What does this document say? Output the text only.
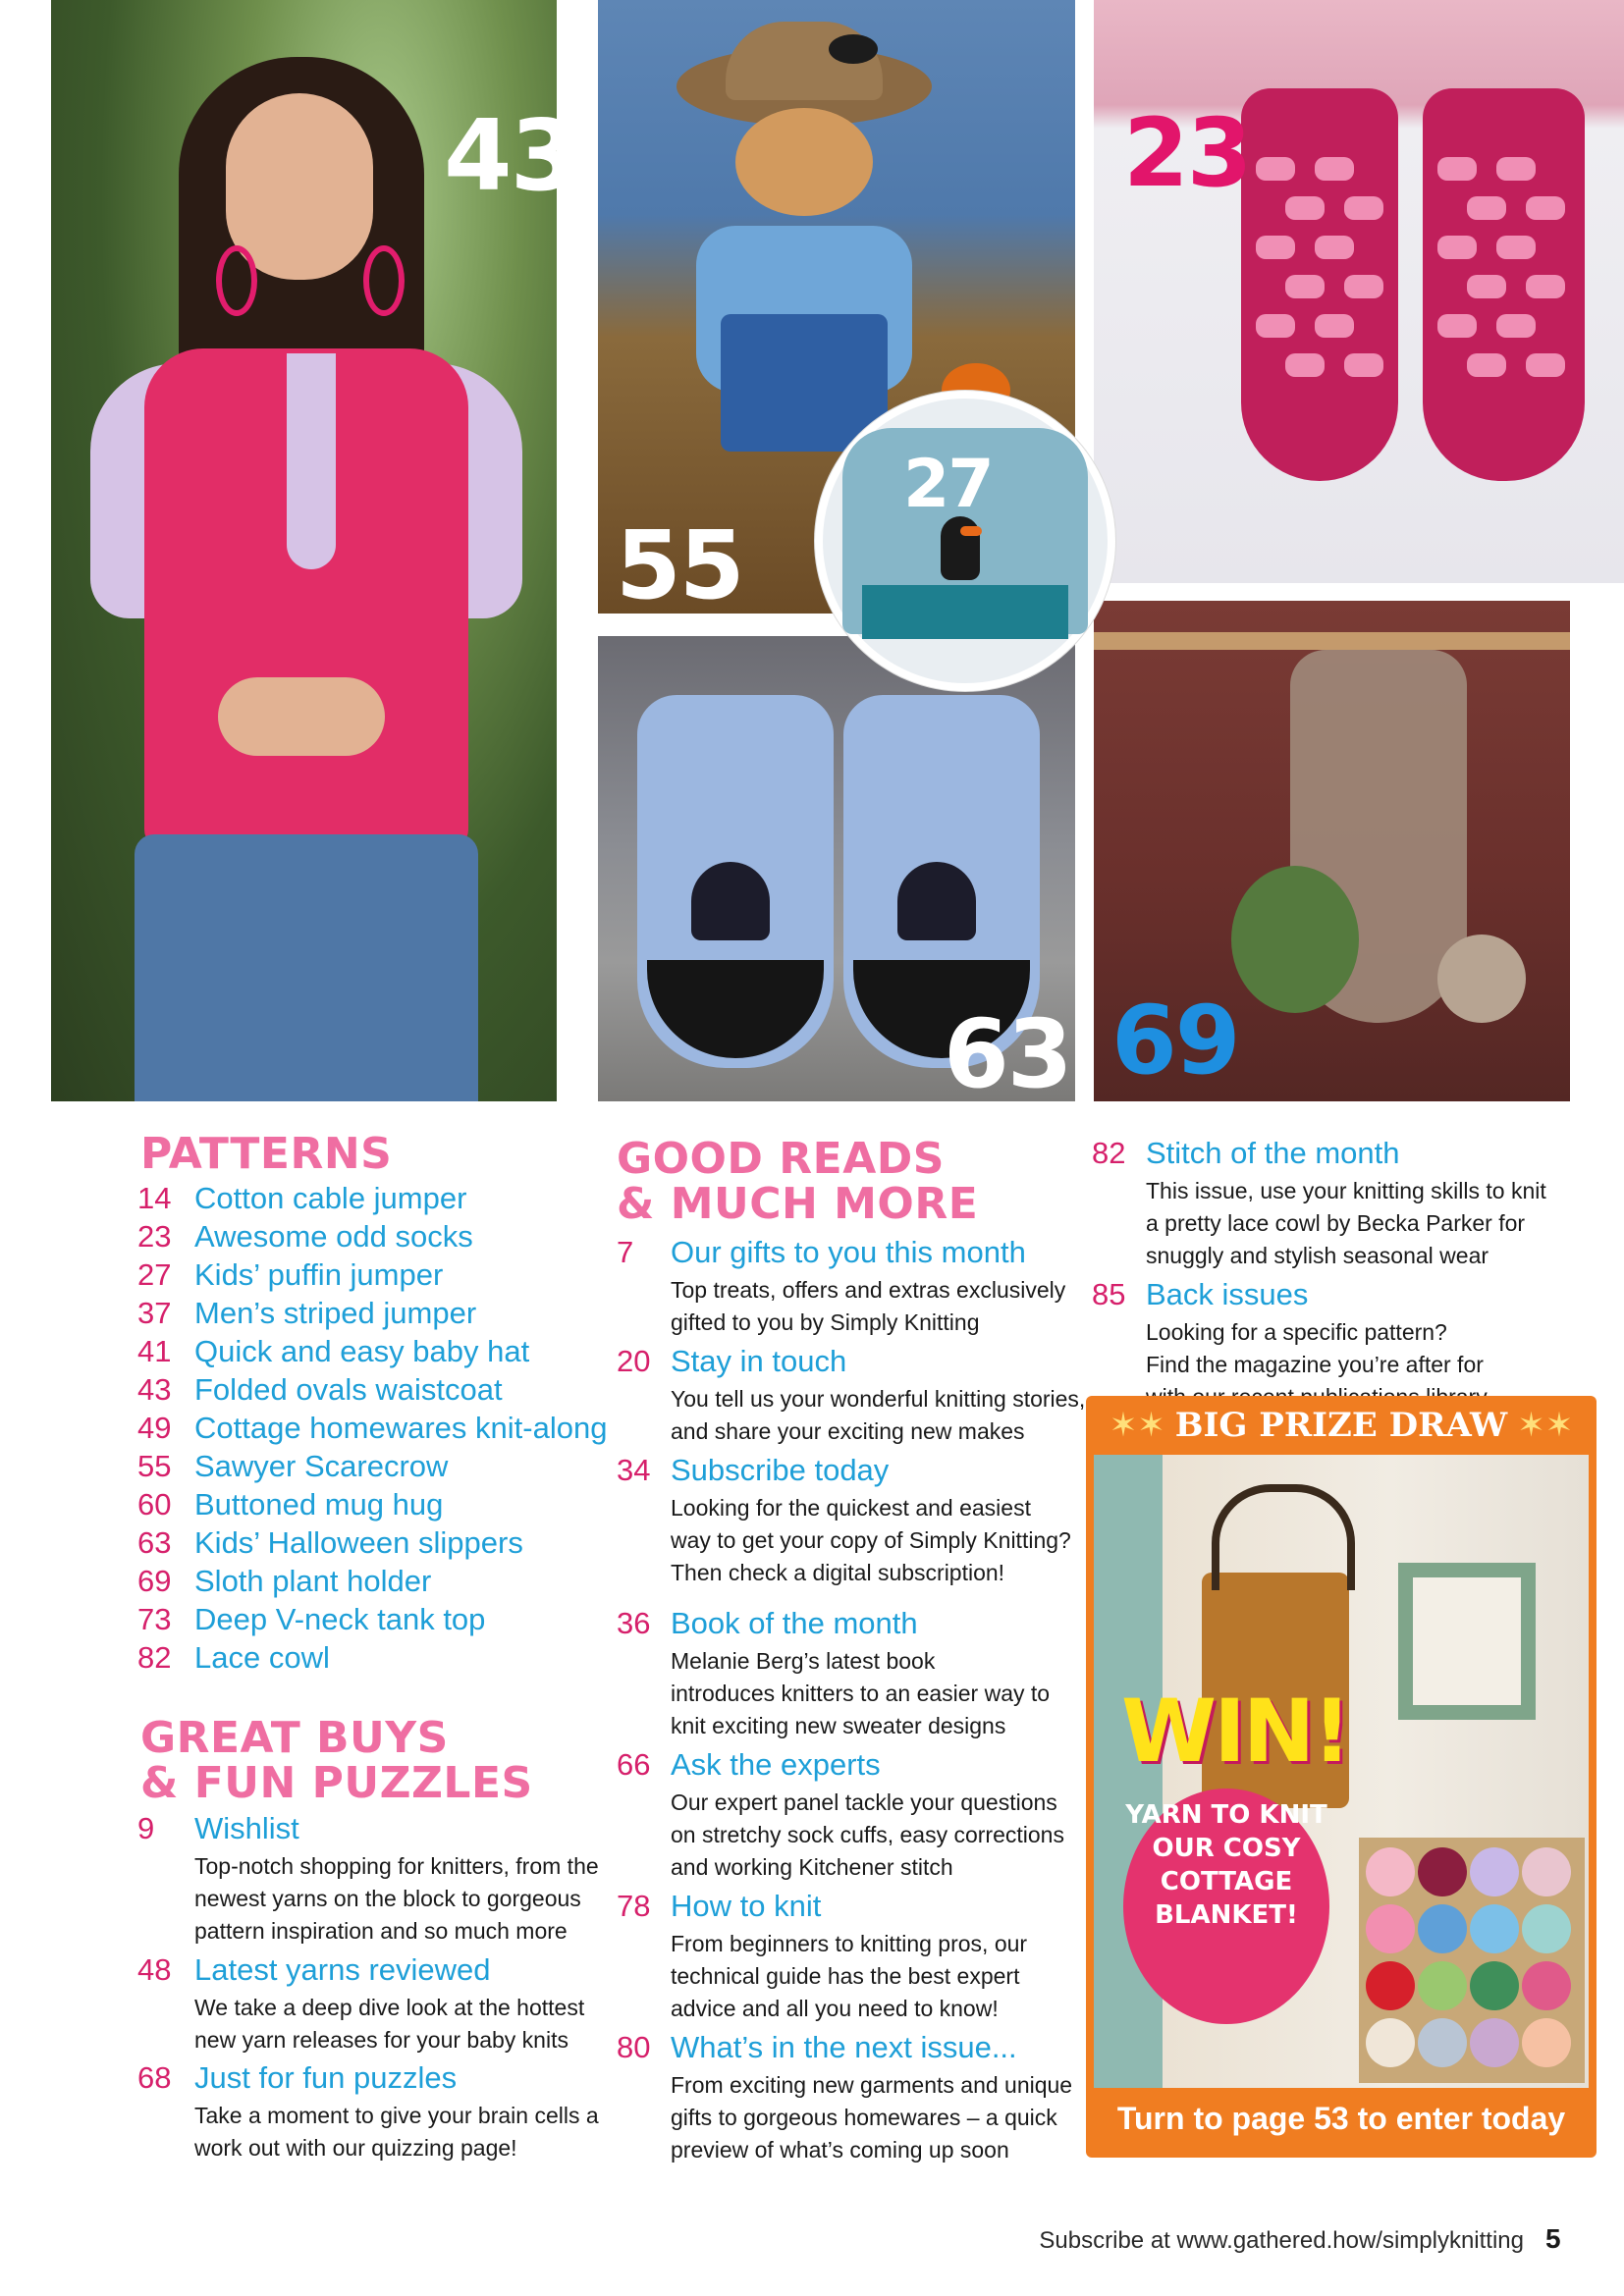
43
55
23
63 69
27
PATTERNS
14 Cotton cable jumper
23 Awesome odd socks
27 Kids’ puffin jumper
37 Men’s striped jumper
41 Quick and easy baby hat
43 Folded ovals waistcoat
49 Cottage homewares knit-along
55 Sawyer Scarecrow
60 Buttoned mug hug
63 Kids’ Halloween slippers
69 Sloth plant holder
73 Deep V-neck tank top
82 Lace cowl
GREAT BUYS
& FUN PUZZLES
9 Wishlist
Top-notch shopping for knitters, from the
newest yarns on the block to gorgeous
pattern inspiration and so much more
48 Latest yarns reviewed
We take a deep dive look at the hottest
new yarn releases for your baby knits
68 Just for fun puzzles
Take a moment to give your brain cells a
work out with our quizzing page!
GOOD READS
& MUCH MORE
7 Our gifts to you this month
Top treats, offers and extras exclusively
gifted to you by Simply Knitting
20 Stay in touch
You tell us your wonderful knitting stories,
and share your exciting new makes
34 Subscribe today
Looking for the quickest and easiest
way to get your copy of Simply Knitting?
Then check a digital subscription!
36 Book of the month
Melanie Berg’s latest book
introduces knitters to an easier way to
knit exciting new sweater designs
66 Ask the experts
Our expert panel tackle your questions
on stretchy sock cuffs, easy corrections
and working Kitchener stitch
78 How to knit
From beginners to knitting pros, our
technical guide has the best expert
advice and all you need to know!
80 What’s in the next issue...
From exciting new garments and unique
gifts to gorgeous homewares – a quick
preview of what’s coming up soon
82 Stitch of the month
This issue, use your knitting skills to knit
a pretty lace cowl by Becka Parker for
snuggly and stylish seasonal wear
85 Back issues
Looking for a specific pattern?
Find the magazine you’re after for
✶✶ BIG PRIZE DRAW ✶✶
WIN!
YARN TO KNIT
OUR COSY
COTTAGE
BLANKET!
Turn to page 53 to enter today
Subscribe at www.gathered.how/simplyknitting 5
